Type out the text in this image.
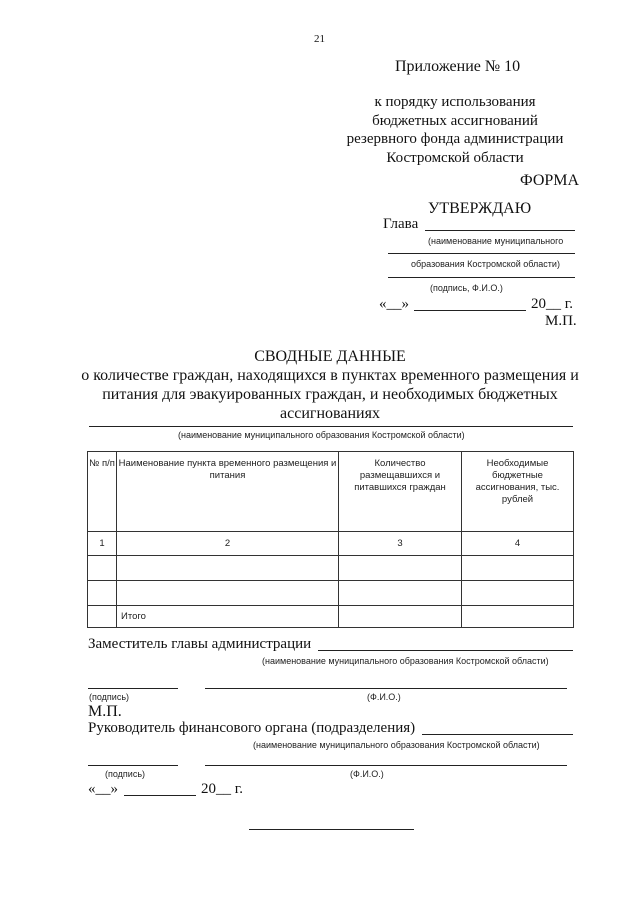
21
Приложение № 10
к порядку использования
бюджетных ассигнований
резервного фонда администрации
Костромской области
ФОРМА
УТВЕРЖДАЮ
Глава
(наименование муниципального
образования Костромской области)
(подпись, Ф.И.О.)
«__»	20__ г.
М.П.
СВОДНЫЕ ДАННЫЕ
о количестве граждан, находящихся в пунктах временного размещения и
питания для эвакуированных граждан, и необходимых бюджетных
ассигнованиях
(наименование муниципального образования Костромской области)
№ п/п	Наименование пункта временного размещения и питания	Количество размещавшихся и питавшихся граждан	Необходимые бюджетные ассигнования, тыс. рублей
1	2	3	4

	Итого		
Заместитель главы администрации
(наименование муниципального образования Костромской области)
(подпись)	(Ф.И.О.)
М.П.
Руководитель финансового органа (подразделения)
(наименование муниципального образования Костромской области)
(подпись)	(Ф.И.О.)
«__»	20__ г.
